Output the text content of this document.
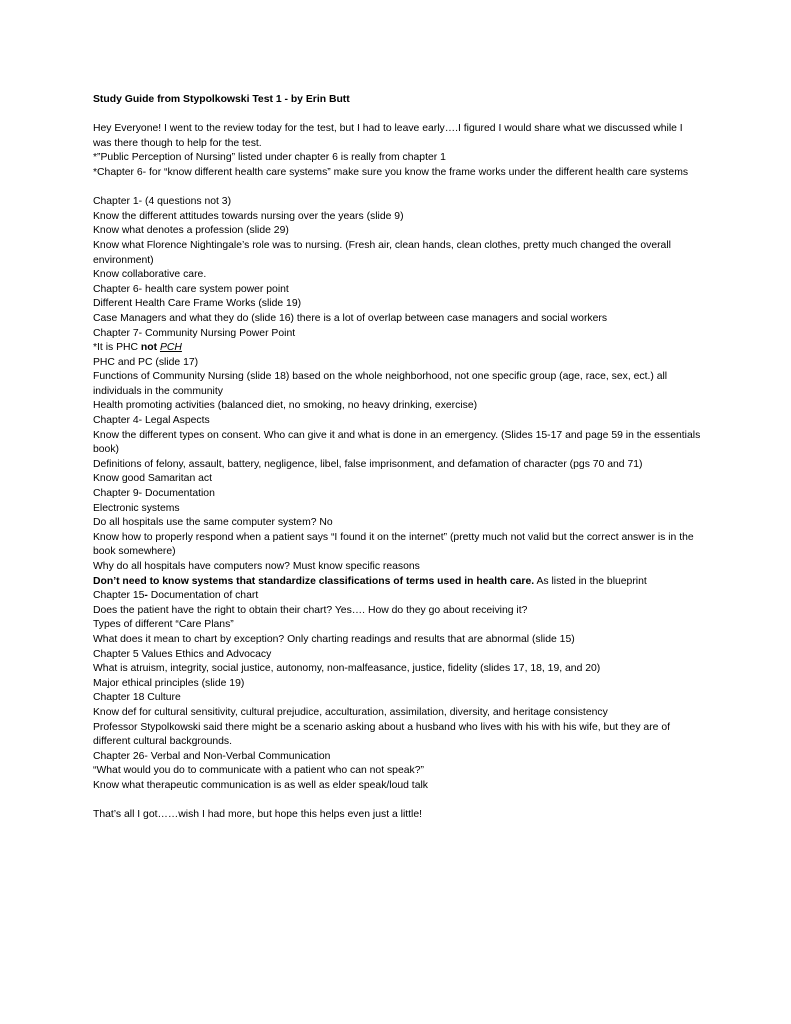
Study Guide from Stypolkowski Test 1 - by Erin Butt

Hey Everyone! I went to the review today for the test, but I had to leave early….I figured I would share what we discussed while I was there though to help for the test.

*”Public Perception of Nursing” listed under chapter 6 is really from chapter 1

*Chapter 6- for “know different health care systems” make sure you know the frame works under the different health care systems

Chapter 1- (4 questions not 3)

Know the different attitudes towards nursing over the years (slide 9)

Know what denotes a profession (slide 29)

Know what Florence Nightingale’s role was to nursing. (Fresh air, clean hands, clean clothes, pretty much changed the overall environment)

Know collaborative care.

Chapter 6- health care system power point

Different Health Care Frame Works (slide 19)

Case Managers and what they do (slide 16) there is a lot of overlap between case managers and social workers

Chapter 7- Community Nursing Power Point

*It is PHC not PCH

PHC and PC (slide 17)

Functions of Community Nursing (slide 18) based on the whole neighborhood, not one specific group (age, race, sex, ect.) all individuals in the community

Health promoting activities (balanced diet, no smoking, no heavy drinking, exercise)

Chapter 4- Legal Aspects

Know the different types on consent. Who can give it and what is done in an emergency. (Slides 15-17 and page 59 in the essentials book)

Definitions of felony, assault, battery, negligence, libel, false imprisonment, and defamation of character (pgs 70 and 71)

Know good Samaritan act

Chapter 9- Documentation

Electronic systems

Do all hospitals use the same computer system? No

Know how to properly respond when a patient says “I found it on the internet” (pretty much not valid but the correct answer is in the book somewhere)

Why do all hospitals have computers now? Must know specific reasons

Don’t need to know systems that standardize classifications of terms used in health care. As listed in the blueprint

Chapter 15- Documentation of chart

Does the patient have the right to obtain their chart? Yes…. How do they go about receiving it?

Types of different “Care Plans”

What does it mean to chart by exception? Only charting readings and results that are abnormal (slide 15)

Chapter 5 Values Ethics and Advocacy

What is atruism, integrity, social justice, autonomy, non-malfeasance, justice, fidelity (slides 17, 18, 19, and 20)

Major ethical principles (slide 19)

Chapter 18 Culture

Know def for cultural sensitivity, cultural prejudice, acculturation, assimilation, diversity, and heritage consistency

Professor Stypolkowski said there might be a scenario asking about a husband who lives with his with his wife, but they are of different cultural backgrounds.

Chapter 26- Verbal and Non-Verbal Communication

“What would you do to communicate with a patient who can not speak?”

Know what therapeutic communication is as well as elder speak/loud talk

That’s all I got……wish I had more, but hope this helps even just a little!
